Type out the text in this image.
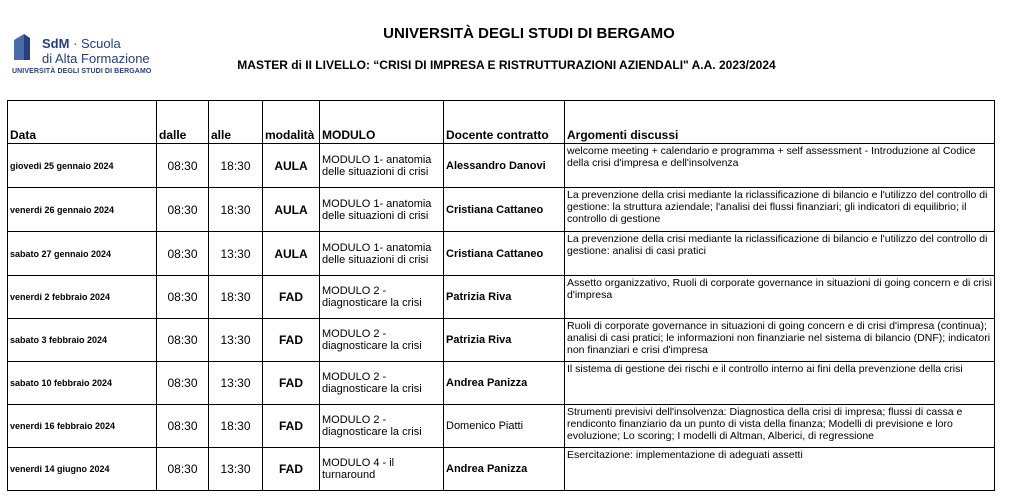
SdM · Scuola
di Alta Formazione
UNIVERSITÀ DEGLI STUDI DI BERGAMO
UNIVERSITÀ DEGLI STUDI DI BERGAMO
MASTER di II LIVELLO: “CRISI DI IMPRESA E RISTRUTTURAZIONI AZIENDALI" A.A. 2023/2024
Data	dalle	alle	modalità	MODULO	Docente contratto	Argomenti discussi
giovedi 25 gennaio 2024	08:30	18:30	AULA	MODULO 1- anatomia delle situazioni di crisi	Alessandro Danovi	welcome meeting + calendario e programma + self assessment - Introduzione al Codice della crisi d'impresa e dell'insolvenza
venerdi 26 gennaio 2024	08:30	18:30	AULA	MODULO 1- anatomia delle situazioni di crisi	Cristiana Cattaneo	La prevenzione della crisi mediante la riclassificazione di bilancio e l'utilizzo del controllo di gestione: la struttura aziendale; l'analisi dei flussi finanziari; gli indicatori di equilibrio; il controllo di gestione
sabato 27 gennaio 2024	08:30	13:30	AULA	MODULO 1- anatomia delle situazioni di crisi	Cristiana Cattaneo	La prevenzione della crisi mediante la riclassificazione di bilancio e l'utilizzo del controllo di gestione: analisi di casi pratici
venerdi 2 febbraio 2024	08:30	18:30	FAD	MODULO 2 - diagnosticare la crisi	Patrizia Riva	Assetto organizzativo, Ruoli di corporate governance in situazioni di going concern e di crisi d'impresa
sabato 3 febbraio 2024	08:30	13:30	FAD	MODULO 2 - diagnosticare la crisi	Patrizia Riva	Ruoli di corporate governance in situazioni di going concern e di crisi d'impresa (continua); analisi di casi pratici; le informazioni non finanziarie nel sistema di bilancio (DNF); indicatori non finanziari e crisi d'impresa
sabato 10 febbraio 2024	08:30	13:30	FAD	MODULO 2 - diagnosticare la crisi	Andrea Panizza	Il sistema di gestione dei rischi e il controllo interno ai fini della prevenzione della crisi
venerdi 16 febbraio 2024	08:30	18:30	FAD	MODULO 2 - diagnosticare la crisi	Domenico Piatti	Strumenti previsivi dell'insolvenza: Diagnostica della crisi di impresa; flussi di cassa e rendiconto finanziario da un punto di vista della finanza; Modelli di previsione e loro evoluzione; Lo scoring; I modelli di Altman, Alberici, di regressione
venerdi 14 giugno 2024	08:30	13:30	FAD	MODULO 4 - il turnaround	Andrea Panizza	Esercitazione: implementazione di adeguati assetti
